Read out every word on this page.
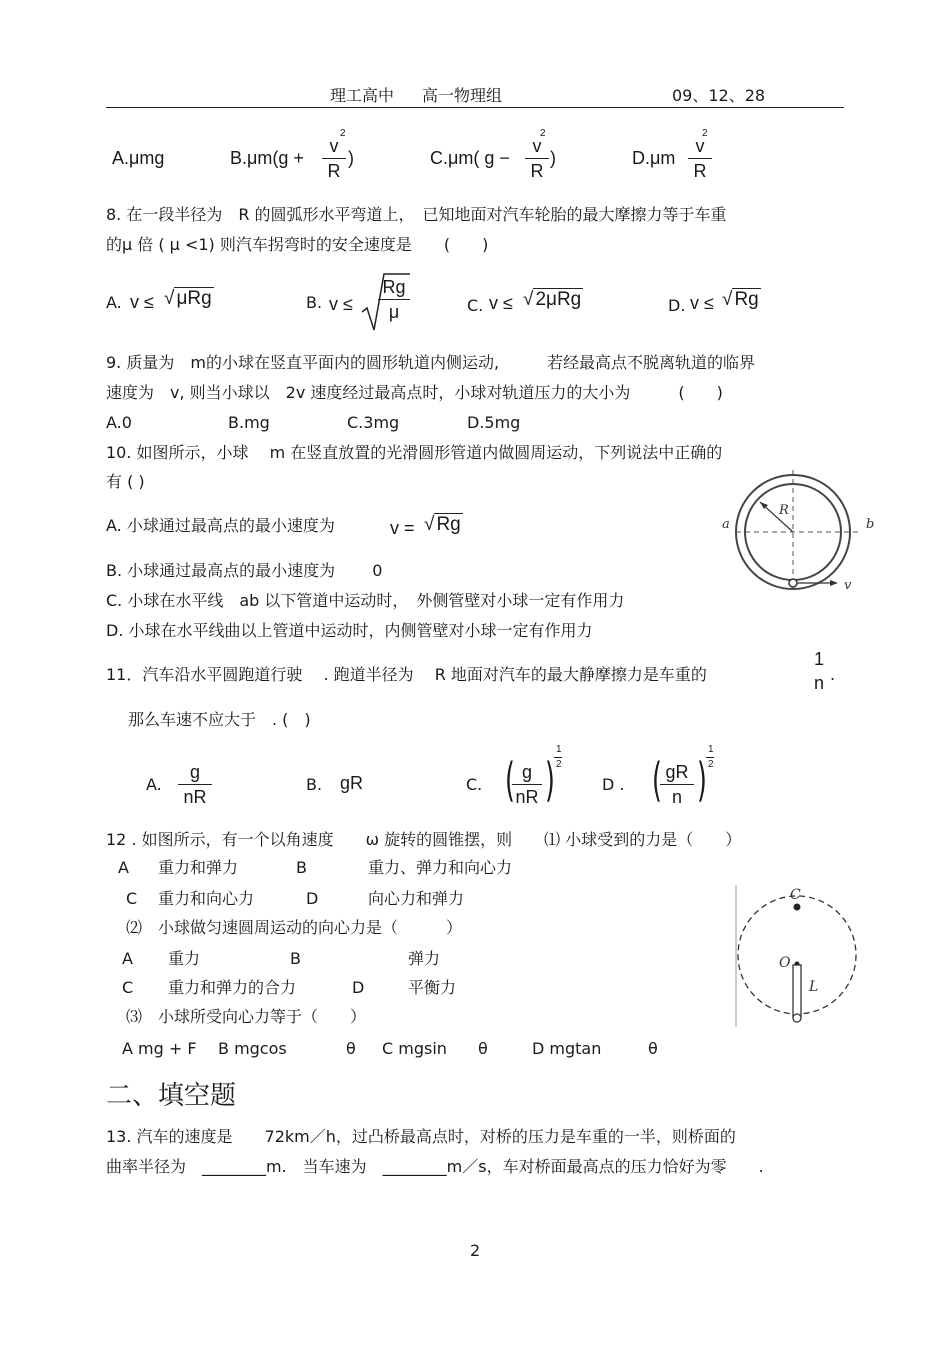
理工高中 高一物理组	09、12、28
A.μmg	B.μm(g +
v
R
2
)	C.μm( g −
v
R
2
)	D.μm
v
R
2
8. 在一段半径为　R 的圆弧形水平弯道上，　已知地面对汽车轮胎的最大摩擦力等于车重
的μ 倍 ( μ <1) 则汽车拐弯时的安全速度是　　(　　)
A. v ≤ √ μRg	B. v ≤
Rg
μ	C. v ≤ √ 2μRg	D. v ≤ √ Rg
9. 质量为　m的小球在竖直平面内的圆形轨道内侧运动,　　　若经最高点不脱离轨道的临界
速度为　v, 则当小球以　2v 速度经过最高点时，小球对轨道压力的大小为　　　(　　)
A.0	B.mg	C.3mg	D.5mg
10. 如图所示，小球　 m 在竖直放置的光滑圆形管道内做圆周运动，下列说法中正确的
有 ( )
A. 小球通过最高点的最小速度为	v = √ Rg
B. 小球通过最高点的最小速度为　　 0
C. 小球在水平线　ab 以下管道中运动时，　外侧管壁对小球一定有作用力
D. 小球在水平线曲以上管道中运动时，内侧管壁对小球一定有作用力
a	b
R
v
11．汽车沿水平圆跑道行驶　 . 跑道半径为　 R 地面对汽车的最大静摩擦力是车重的
1
n .
那么车速不应大于　. (　)
A.
g
nR
B. gR	C. ( g
nR )
1
2
D . ( gR
n )
1
2
12 . 如图所示，有一个以角速度　　ω 旋转的圆锥摆，则　　⑴ 小球受到的力是（　　）
A 重力和弹力	B	重力、弹力和向心力
C 重力和向心力	D	向心力和弹力
⑵　小球做匀速圆周运动的向心力是（　　　）
A 重力	B	弹力
C 重力和弹力的合力	D	平衡力
⑶　小球所受向心力等于（　　）
A mg + F B mgcos	θ C mgsin θ	D mgtan	θ
C
O
L
二、填空题
13. 汽车的速度是　　72km／h，过凸桥最高点时，对桥的压力是车重的一半，则桥面的
曲率半径为　________m.　当车速为　________m／s，车对桥面最高点的压力恰好为零　　.
2
